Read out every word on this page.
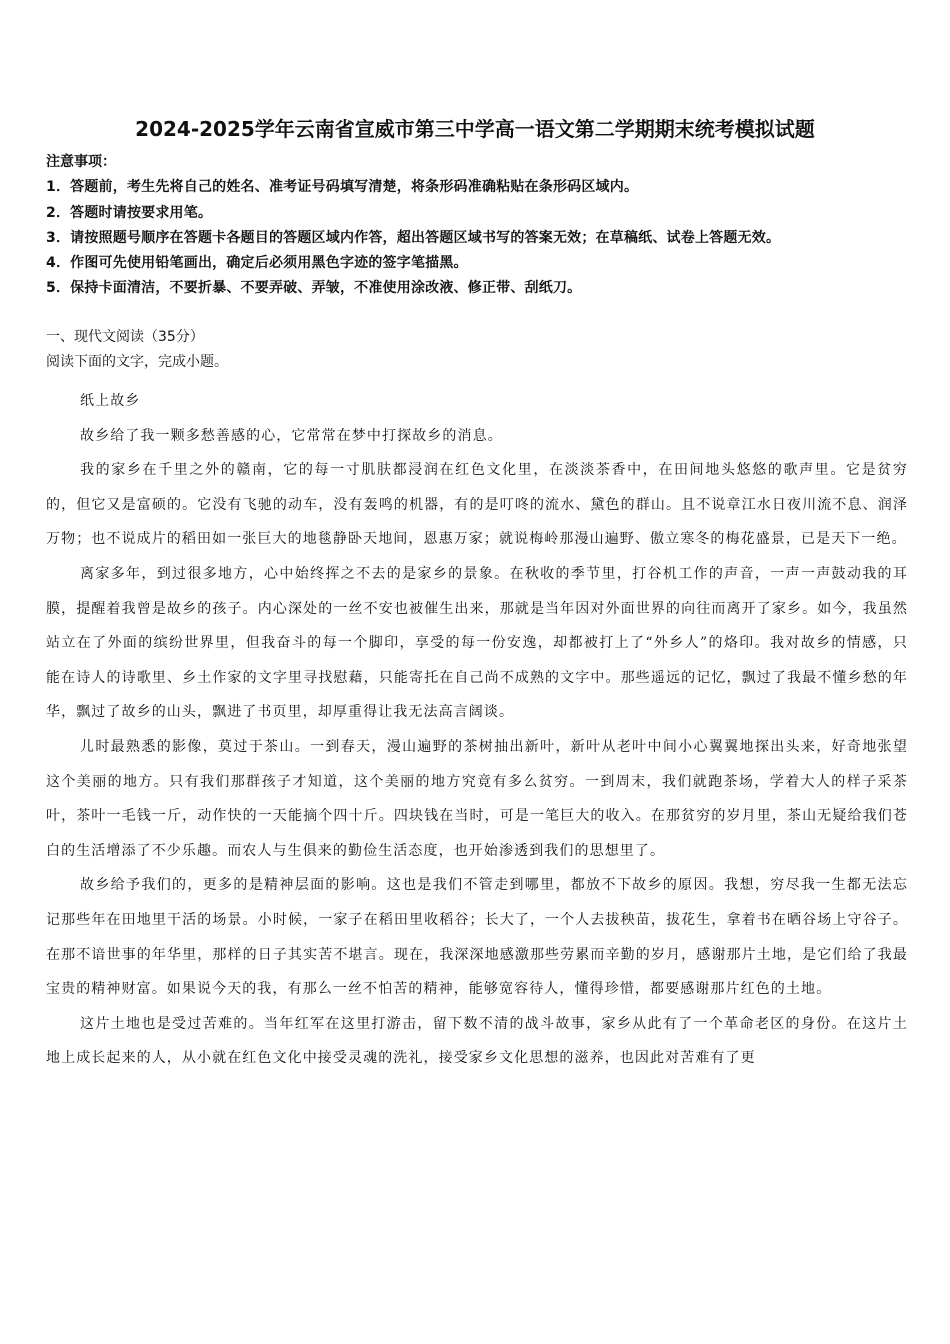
2024-2025学年云南省宣威市第三中学高一语文第二学期期末统考模拟试题
注意事项：
1．答题前，考生先将自己的姓名、准考证号码填写清楚，将条形码准确粘贴在条形码区域内。
2．答题时请按要求用笔。
3．请按照题号顺序在答题卡各题目的答题区域内作答，超出答题区域书写的答案无效；在草稿纸、试卷上答题无效。
4．作图可先使用铅笔画出，确定后必须用黑色字迹的签字笔描黑。
5．保持卡面清洁，不要折暴、不要弄破、弄皱，不准使用涂改液、修正带、刮纸刀。
一、现代文阅读（35分）
阅读下面的文字，完成小题。

纸上故乡

故乡给了我一颗多愁善感的心，它常常在梦中打探故乡的消息。

我的家乡在千里之外的赣南，它的每一寸肌肤都浸润在红色文化里，在淡淡茶香中，在田间地头悠悠的歌声里。它是贫穷的，但它又是富硕的。它没有飞驰的动车，没有轰鸣的机器，有的是叮咚的流水、黛色的群山。且不说章江水日夜川流不息、润泽万物；也不说成片的稻田如一张巨大的地毯静卧天地间，恩惠万家；就说梅岭那漫山遍野、傲立寒冬的梅花盛景，已是天下一绝。

离家多年，到过很多地方，心中始终挥之不去的是家乡的景象。在秋收的季节里，打谷机工作的声音，一声一声鼓动我的耳膜，提醒着我曾是故乡的孩子。内心深处的一丝不安也被催生出来，那就是当年因对外面世界的向往而离开了家乡。如今，我虽然站立在了外面的缤纷世界里，但我奋斗的每一个脚印，享受的每一份安逸，却都被打上了“外乡人”的烙印。我对故乡的情感，只能在诗人的诗歌里、乡土作家的文字里寻找慰藉，只能寄托在自己尚不成熟的文字中。那些遥远的记忆，飘过了我最不懂乡愁的年华，飘过了故乡的山头，飘进了书页里，却厚重得让我无法高言阔谈。

儿时最熟悉的影像，莫过于茶山。一到春天，漫山遍野的茶树抽出新叶，新叶从老叶中间小心翼翼地探出头来，好奇地张望这个美丽的地方。只有我们那群孩子才知道，这个美丽的地方究竟有多么贫穷。一到周末，我们就跑茶场，学着大人的样子采茶叶，茶叶一毛钱一斤，动作快的一天能摘个四十斤。四块钱在当时，可是一笔巨大的收入。在那贫穷的岁月里，茶山无疑给我们苍白的生活增添了不少乐趣。而农人与生俱来的勤俭生活态度，也开始渗透到我们的思想里了。

故乡给予我们的，更多的是精神层面的影响。这也是我们不管走到哪里，都放不下故乡的原因。我想，穷尽我一生都无法忘记那些年在田地里干活的场景。小时候，一家子在稻田里收稻谷；长大了，一个人去拔秧苗，拔花生，拿着书在晒谷场上守谷子。在那不谙世事的年华里，那样的日子其实苦不堪言。现在，我深深地感激那些劳累而辛勤的岁月，感谢那片土地，是它们给了我最宝贵的精神财富。如果说今天的我，有那么一丝不怕苦的精神，能够宽容待人，懂得珍惜，都要感谢那片红色的土地。

这片土地也是受过苦难的。当年红军在这里打游击，留下数不清的战斗故事，家乡从此有了一个革命老区的身份。在这片土地上成长起来的人，从小就在红色文化中接受灵魂的洗礼，接受家乡文化思想的滋养，也因此对苦难有了更
